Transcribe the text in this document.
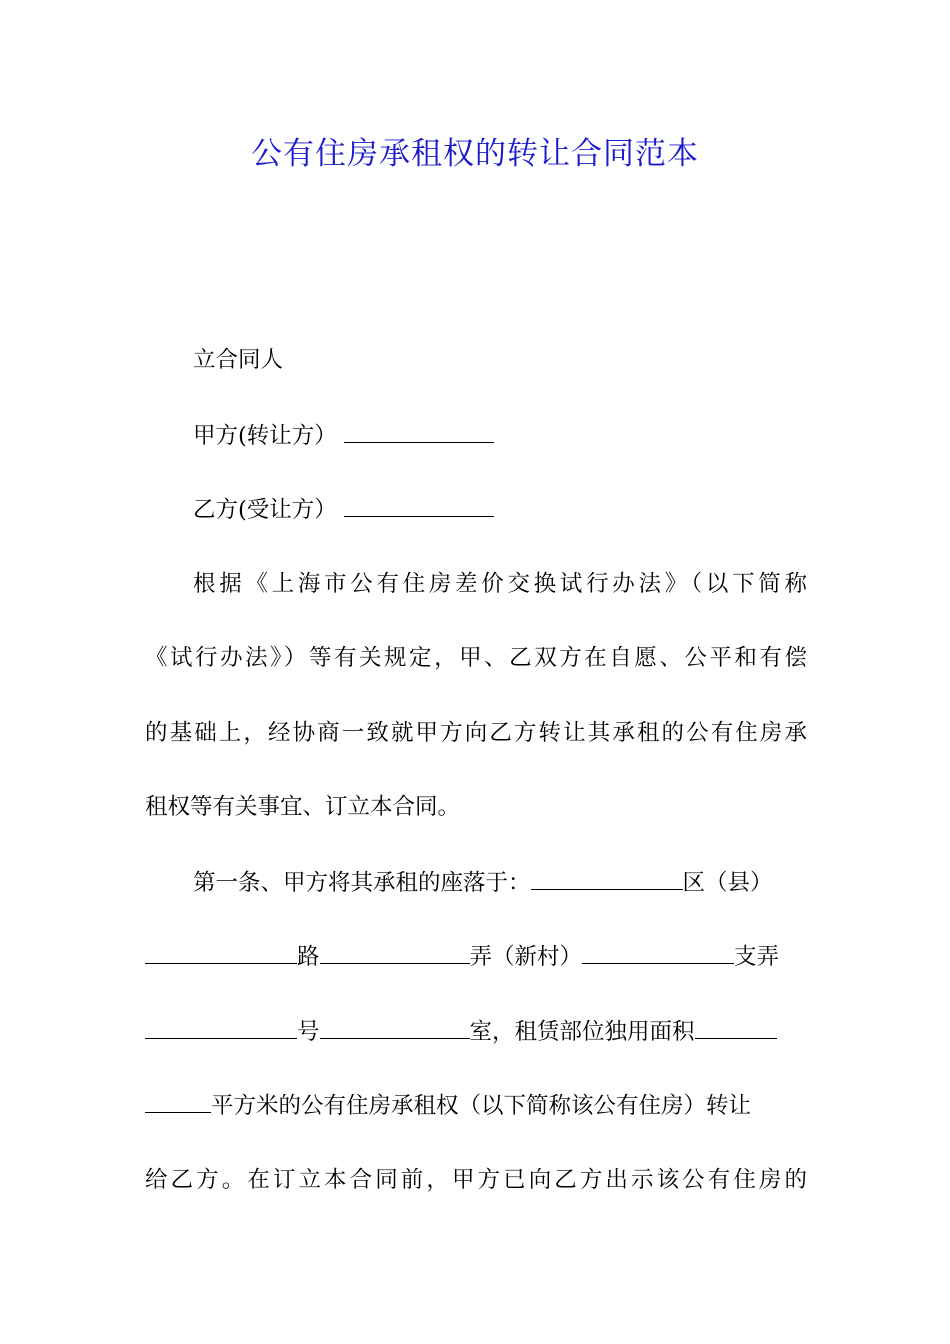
公有住房承租权的转让合同范本

立合同人

甲方(转让方）

乙方(受让方）

根据《上海市公有住房差价交换试行办法》（以下简称

《试行办法》）等有关规定，甲、乙双方在自愿、公平和有偿

的基础上，经协商一致就甲方向乙方转让其承租的公有住房承

租权等有关事宜、订立本合同。

第一条、甲方将其承租的座落于：	区（县）

路	弄（新村）	支弄

号	室，租赁部位独用面积

平方米的公有住房承租权（以下简称该公有住房）转让

给乙方。在订立本合同前，甲方已向乙方出示该公有住房的
